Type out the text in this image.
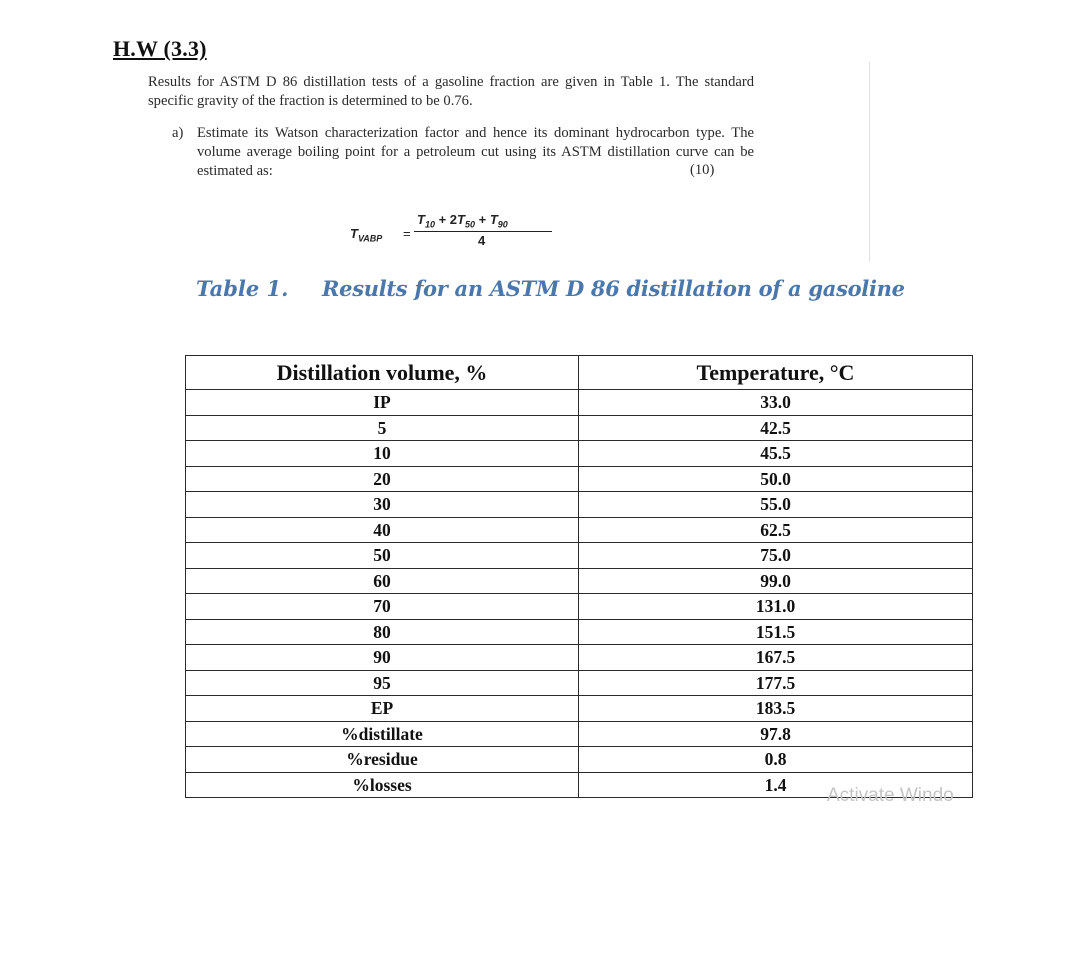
H.W (3.3)
Results for ASTM D 86 distillation tests of a gasoline fraction are given in Table 1. The standard specific gravity of the fraction is determined to be 0.76.
a) Estimate its Watson characterization factor and hence its dominant hydrocarbon type. The volume average boiling point for a petroleum cut using its ASTM distillation curve can be estimated as:	(10)
$T_{VABP}$ =
$T_{10} + 2T_{50} + T_{90}$
4
Table 1. Results for an ASTM D 86 distillation of a gasoline
Distillation volume, %	Temperature, °C
IP	33.0
5	42.5
10	45.5
20	50.0
30	55.0
40	62.5
50	75.0
60	99.0
70	131.0
80	151.5
90	167.5
95	177.5
EP	183.5
%distillate	97.8
%residue	0.8
%losses	1.4
Activate Windo
